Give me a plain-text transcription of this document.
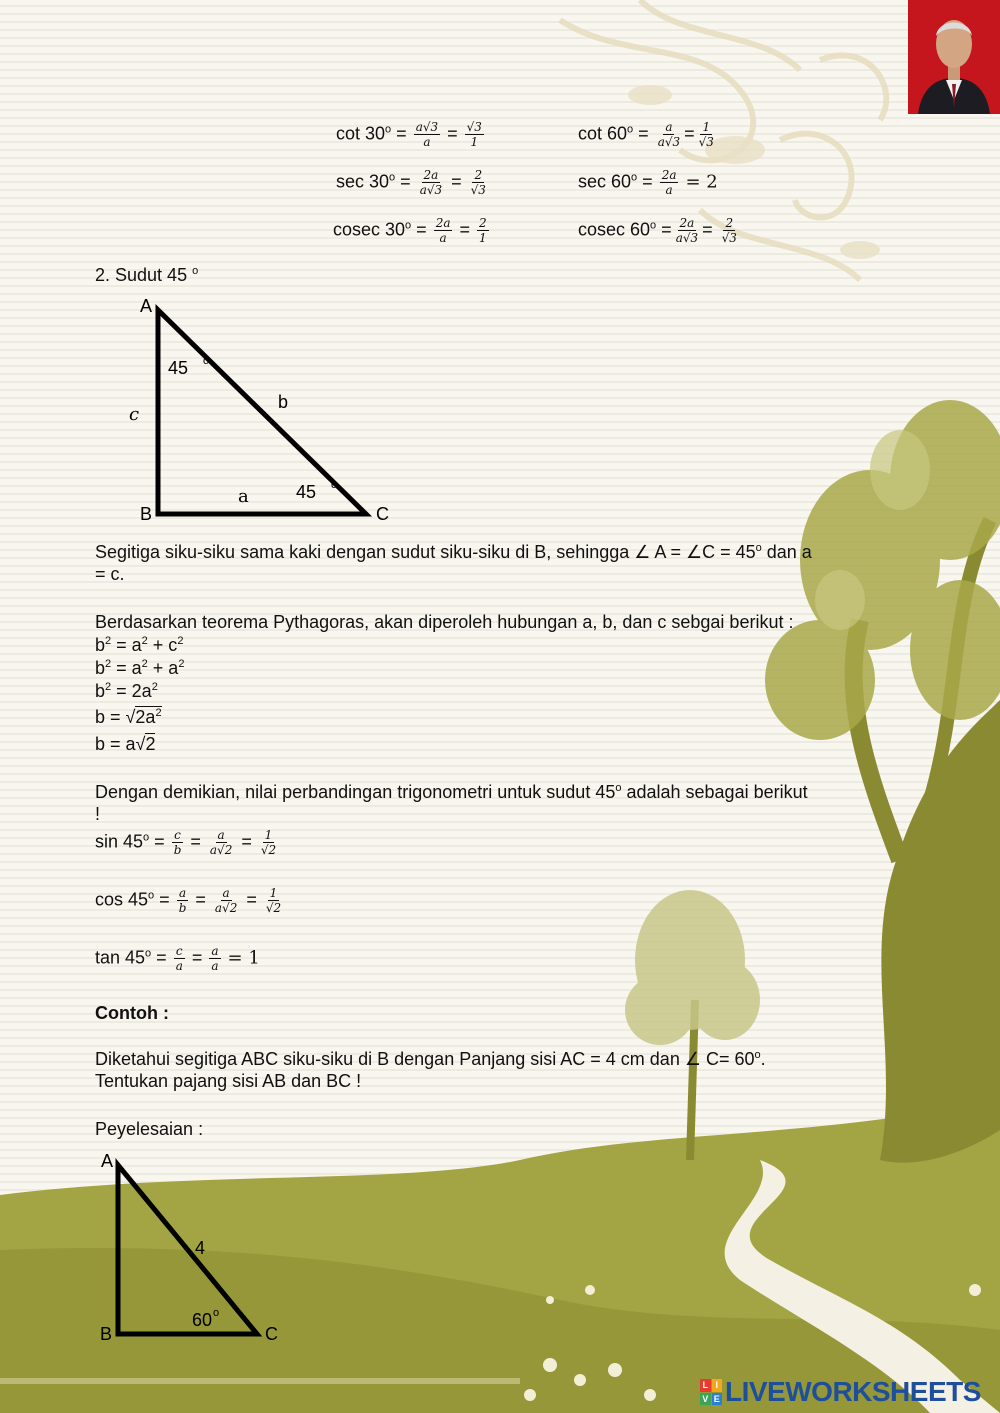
$\cot 30^o = \frac{a√3}{a} = \frac{√3}{1}$	$\cot 60^o = \frac{a}{a√3} = \frac{1}{√3}$
$\sec 30^o = \frac{2a}{a√3} = \frac{2}{√3}$	$\sec 60^o = \frac{2a}{a} = 2$
cosec $30^o = \frac{2a}{a} = \frac{2}{1}$	cosec $60^o = \frac{2a}{a√3} = \frac{2}{√3}$
2. Sudut 45 $^o$
A
B	C
45 o
45 o
b
c
a
Segitiga siku-siku sama kaki dengan sudut siku-siku di B, sehingga ∠ A = ∠C = $45^o$ dan a
= c.
Berdasarkan teorema Pythagoras, akan diperoleh hubungan a, b, dan c sebgai berikut :
$b^2 = a^2 + c^2$
$b^2 = a^2 + a^2$
$b^2 = 2a^2$
$b = √2a^2$
b = a√2
Dengan demikian, nilai perbandingan trigonometri untuk sudut 45$^o$ adalah sebagai berikut
!
$\sin 45^o = \frac{c}{b} = \frac{a}{a√2} = \frac{1}{√2}$
$\cos 45^o = \frac{a}{b} = \frac{a}{a√2} = \frac{1}{√2}$
$\tan 45^o = \frac{c}{a} = \frac{a}{a} = 1$
Contoh :
Diketahui segitiga ABC siku-siku di B dengan Panjang sisi AC = 4 cm dan ∠ $C= 60^o$.
Tentukan pajang sisi AB dan BC !
Peyelesaian :
A
B	C
4
60 o
L I
V E LIVEWORKSHEETS
